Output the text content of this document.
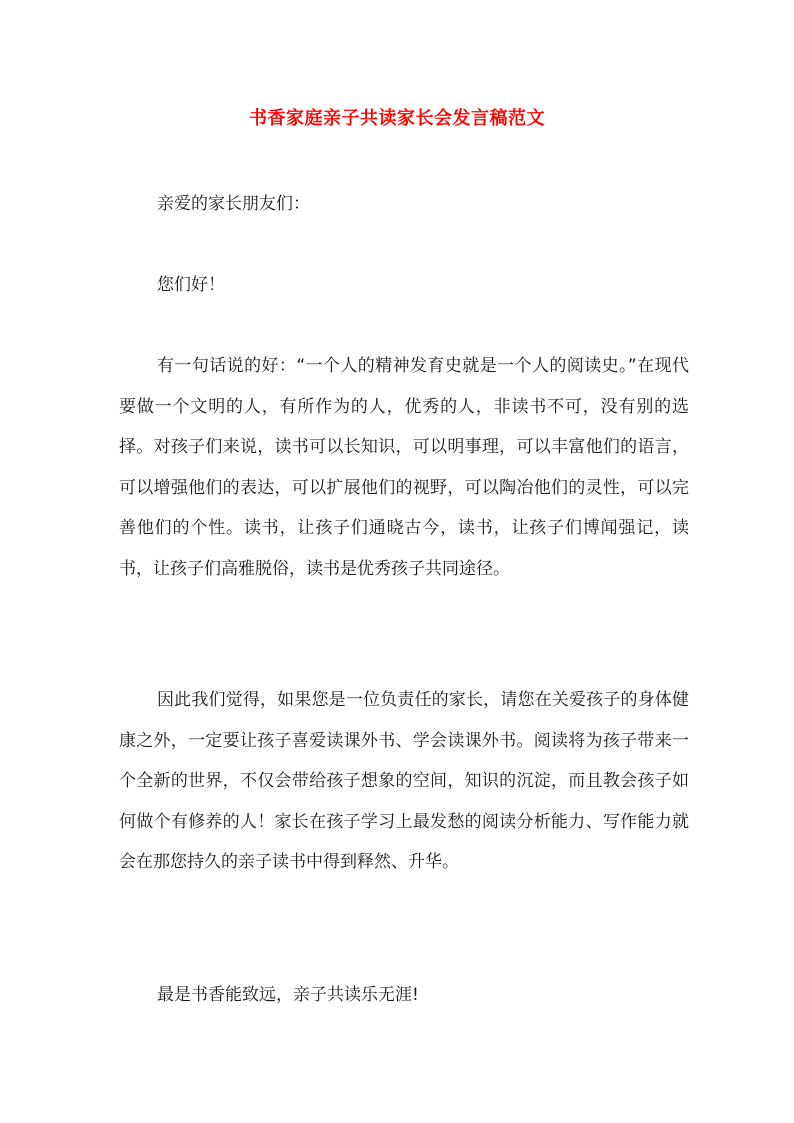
书香家庭亲子共读家长会发言稿范文

亲爱的家长朋友们：

您们好！

有一句话说的好：“一个人的精神发育史就是一个人的阅读史。”在现代要做一个文明的人，有所作为的人，优秀的人，非读书不可，没有别的选择。对孩子们来说，读书可以长知识，可以明事理，可以丰富他们的语言，可以增强他们的表达，可以扩展他们的视野，可以陶冶他们的灵性，可以完善他们的个性。读书，让孩子们通晓古今，读书，让孩子们博闻强记，读书，让孩子们高雅脱俗，读书是优秀孩子共同途径。

因此我们觉得，如果您是一位负责任的家长，请您在关爱孩子的身体健康之外，一定要让孩子喜爱读课外书、学会读课外书。阅读将为孩子带来一个全新的世界，不仅会带给孩子想象的空间，知识的沉淀，而且教会孩子如何做个有修养的人！家长在孩子学习上最发愁的阅读分析能力、写作能力就会在那您持久的亲子读书中得到释然、升华。

最是书香能致远，亲子共读乐无涯!
